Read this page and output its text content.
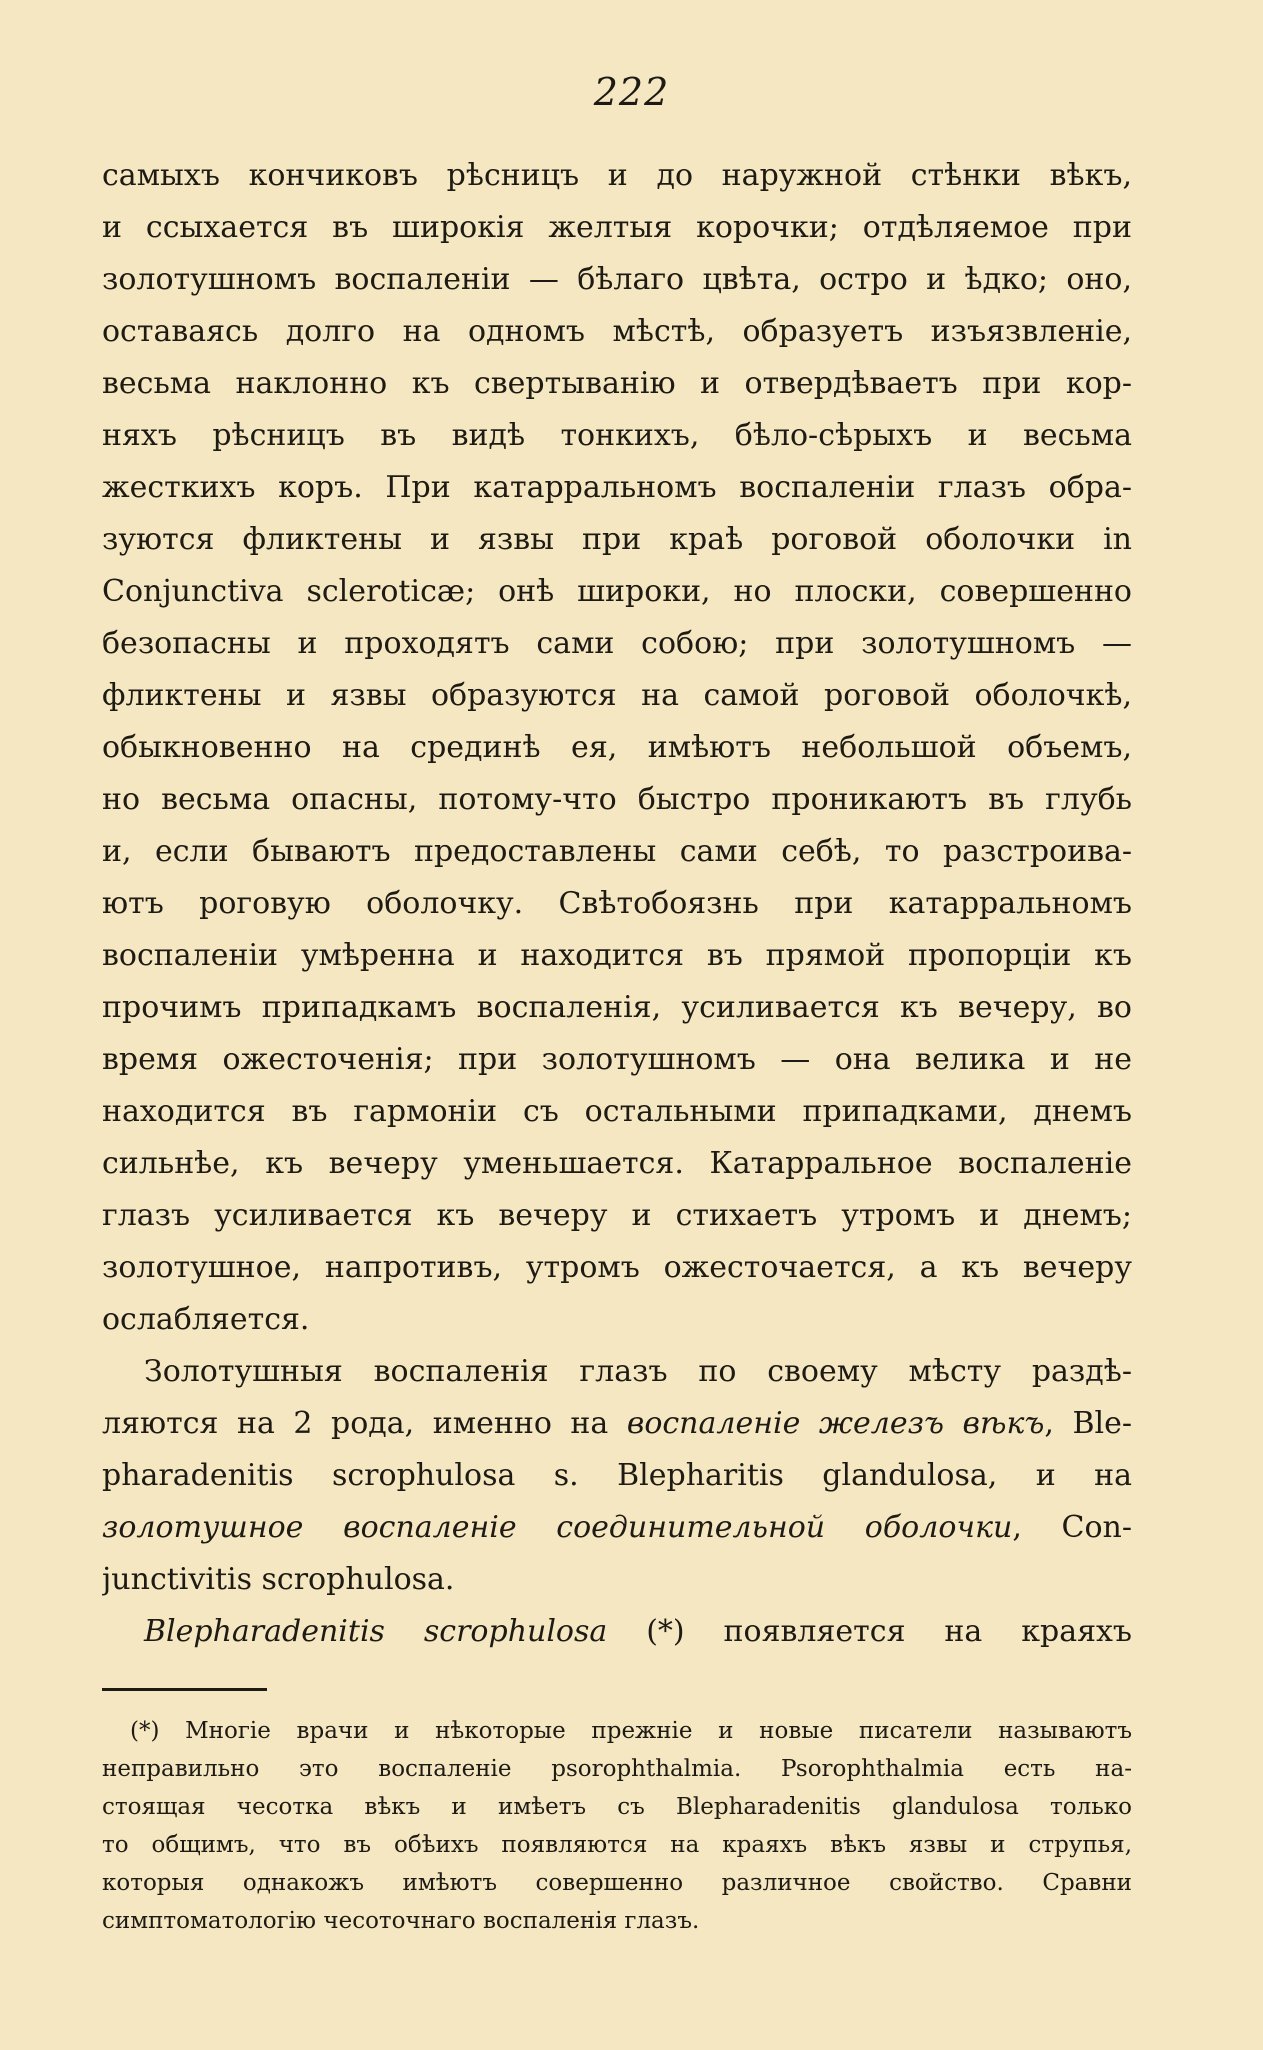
222
самыхъ кончиковъ рѣсницъ и до наружной стѣнки вѣкъ,
и ссыхается въ широкія желтыя корочки; отдѣляемое при
золотушномъ воспаленіи — бѣлаго цвѣта, остро и ѣдко; оно,
оставаясь долго на одномъ мѣстѣ, образуетъ изъязвленіе,
весьма наклонно къ свертыванію и отвердѣваетъ при кор-
няхъ рѣсницъ въ видѣ тонкихъ, бѣло-сѣрыхъ и весьма
жесткихъ коръ. При катарральномъ воспаленіи глазъ обра-
зуются фликтены и язвы при краѣ роговой оболочки in
Conjunctiva scleroticæ; онѣ широки, но плоски, совершенно
безопасны и проходятъ сами собою; при золотушномъ —
фликтены и язвы образуются на самой роговой оболочкѣ,
обыкновенно на срединѣ ея, имѣютъ небольшой объемъ,
но весьма опасны, потому-что быстро проникаютъ въ глубь
и, если бываютъ предоставлены сами себѣ, то разстроива-
ютъ роговую оболочку. Свѣтобоязнь при катарральномъ
воспаленіи умѣренна и находится въ прямой пропорціи къ
прочимъ припадкамъ воспаленія, усиливается къ вечеру, во
время ожесточенія; при золотушномъ — она велика и не
находится въ гармоніи съ остальными припадками, днемъ
сильнѣе, къ вечеру уменьшается. Катарральное воспаленіе
глазъ усиливается къ вечеру и стихаетъ утромъ и днемъ;
золотушное, напротивъ, утромъ ожесточается, а къ вечеру
ослабляется.
Золотушныя воспаленія глазъ по своему мѣсту раздѣ-
ляются на 2 рода, именно на воспаленіе железъ вѣкъ, Ble-
pharadenitis scrophulosa s. Blepharitis glandulosa, и на
золотушное воспаленіе соединительной оболочки, Con-
junctivitis scrophulosa.
Blepharadenitis scrophulosa (*) появляется на краяхъ
(*) Многіе врачи и нѣкоторые прежніе и новые писатели называютъ
неправильно это воспаленіе psorophthalmia. Psorophthalmia есть на-
стоящая чесотка вѣкъ и имѣетъ съ Blepharadenitis glandulosa только
то общимъ, что въ обѣихъ появляются на краяхъ вѣкъ язвы и струпья,
которыя однакожъ имѣютъ совершенно различное свойство. Сравни
симптоматологію чесоточнаго воспаленія глазъ.
